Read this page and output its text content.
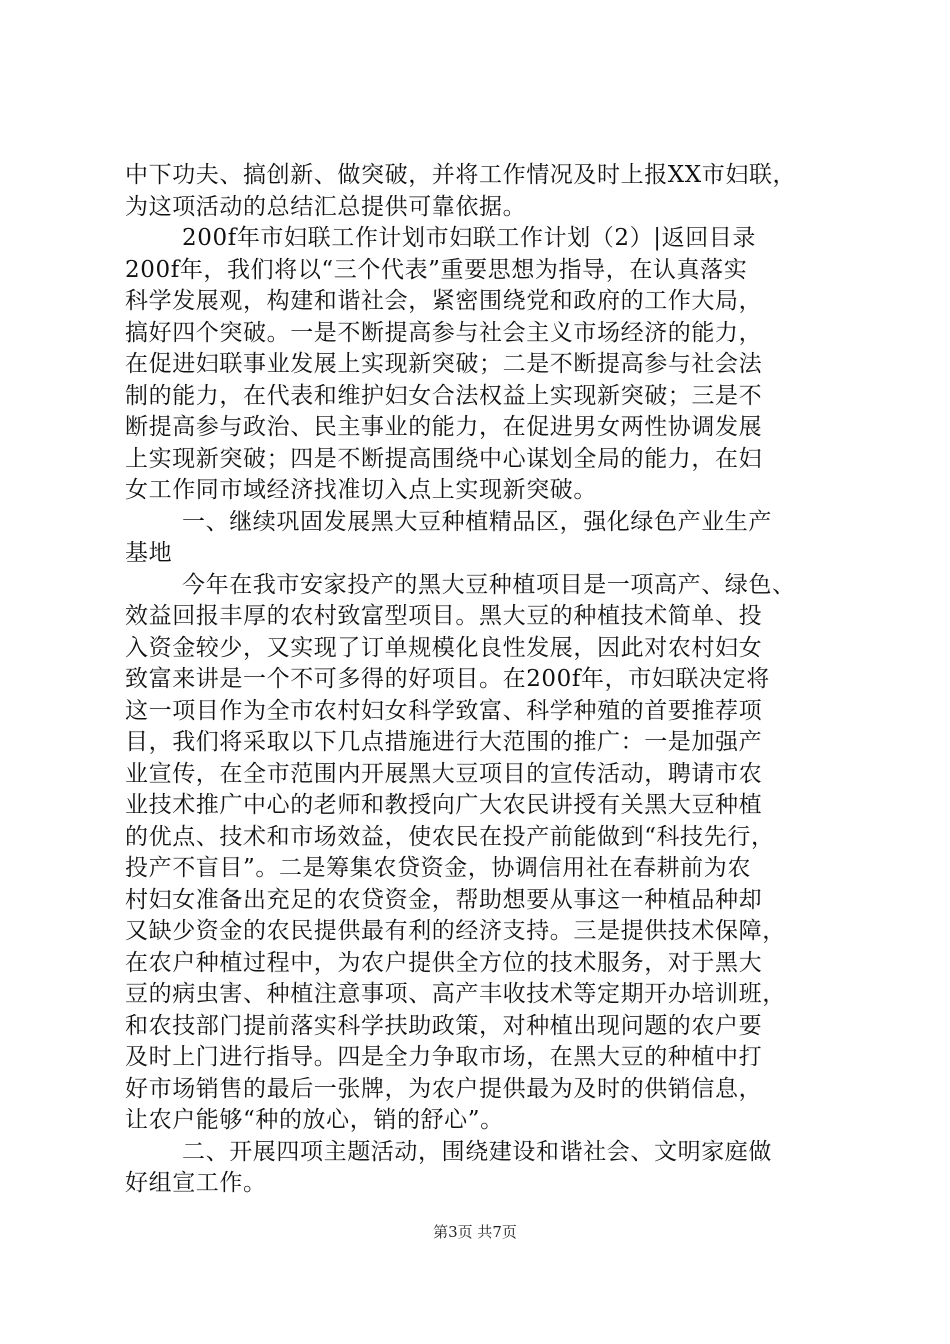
中下功夫、搞创新、做突破，并将工作情况及时上报XX市妇联，
为这项活动的总结汇总提供可靠依据。
200f年市妇联工作计划市妇联工作计划（2）|返回目录
200f年，我们将以“三个代表”重要思想为指导，在认真落实
科学发展观，构建和谐社会，紧密围绕党和政府的工作大局，
搞好四个突破。一是不断提高参与社会主义市场经济的能力，
在促进妇联事业发展上实现新突破；二是不断提高参与社会法
制的能力，在代表和维护妇女合法权益上实现新突破；三是不
断提高参与政治、民主事业的能力，在促进男女两性协调发展
上实现新突破；四是不断提高围绕中心谋划全局的能力，在妇
女工作同市域经济找准切入点上实现新突破。
一、继续巩固发展黑大豆种植精品区，强化绿色产业生产
基地
今年在我市安家投产的黑大豆种植项目是一项高产、绿色、
效益回报丰厚的农村致富型项目。黑大豆的种植技术简单、投
入资金较少，又实现了订单规模化良性发展，因此对农村妇女
致富来讲是一个不可多得的好项目。在200f年，市妇联决定将
这一项目作为全市农村妇女科学致富、科学种殖的首要推荐项
目，我们将采取以下几点措施进行大范围的推广：一是加强产
业宣传，在全市范围内开展黑大豆项目的宣传活动，聘请市农
业技术推广中心的老师和教授向广大农民讲授有关黑大豆种植
的优点、技术和市场效益，使农民在投产前能做到“科技先行，
投产不盲目”。二是筹集农贷资金，协调信用社在春耕前为农
村妇女准备出充足的农贷资金，帮助想要从事这一种植品种却
又缺少资金的农民提供最有利的经济支持。三是提供技术保障，
在农户种植过程中，为农户提供全方位的技术服务，对于黑大
豆的病虫害、种植注意事项、高产丰收技术等定期开办培训班，
和农技部门提前落实科学扶助政策，对种植出现问题的农户要
及时上门进行指导。四是全力争取市场，在黑大豆的种植中打
好市场销售的最后一张牌，为农户提供最为及时的供销信息，
让农户能够“种的放心，销的舒心”。
二、开展四项主题活动，围绕建设和谐社会、文明家庭做
好组宣工作。
第3页 共7页
